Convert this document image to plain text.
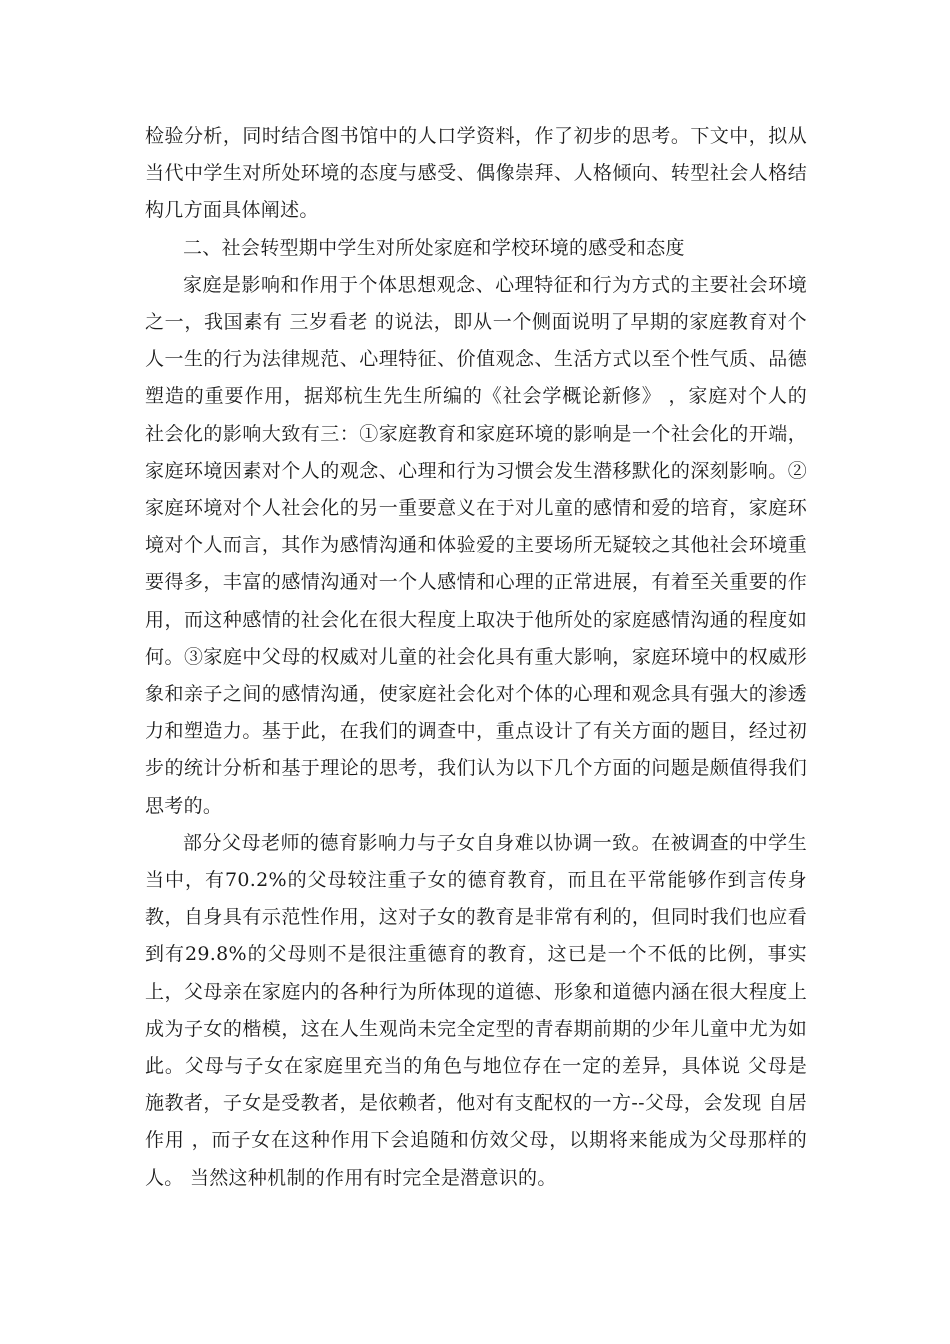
检验分析，同时结合图书馆中的人口学资料，作了初步的思考。下文中，拟从当代中学生对所处环境的态度与感受、偶像崇拜、人格倾向、转型社会人格结构几方面具体阐述。

二、社会转型期中学生对所处家庭和学校环境的感受和态度

家庭是影响和作用于个体思想观念、心理特征和行为方式的主要社会环境之一，我国素有 三岁看老 的说法，即从一个侧面说明了早期的家庭教育对个人一生的行为法律规范、心理特征、价值观念、生活方式以至个性气质、品德塑造的重要作用，据郑杭生先生所编的《社会学概论新修》 ，家庭对个人的社会化的影响大致有三：①家庭教育和家庭环境的影响是一个社会化的开端，家庭环境因素对个人的观念、心理和行为习惯会发生潜移默化的深刻影响。②家庭环境对个人社会化的另一重要意义在于对儿童的感情和爱的培育，家庭环境对个人而言，其作为感情沟通和体验爱的主要场所无疑较之其他社会环境重要得多，丰富的感情沟通对一个人感情和心理的正常进展，有着至关重要的作用，而这种感情的社会化在很大程度上取决于他所处的家庭感情沟通的程度如何。③家庭中父母的权威对儿童的社会化具有重大影响，家庭环境中的权威形象和亲子之间的感情沟通，使家庭社会化对个体的心理和观念具有强大的渗透力和塑造力。基于此，在我们的调查中，重点设计了有关方面的题目，经过初步的统计分析和基于理论的思考，我们认为以下几个方面的问题是颇值得我们思考的。

部分父母老师的德育影响力与子女自身难以协调一致。在被调查的中学生当中，有70.2%的父母较注重子女的德育教育，而且在平常能够作到言传身教，自身具有示范性作用，这对子女的教育是非常有利的，但同时我们也应看到有29.8%的父母则不是很注重德育的教育，这已是一个不低的比例，事实上，父母亲在家庭内的各种行为所体现的道德、形象和道德内涵在很大程度上成为子女的楷模，这在人生观尚未完全定型的青春期前期的少年儿童中尤为如此。父母与子女在家庭里充当的角色与地位存在一定的差异，具体说 父母是施教者，子女是受教者，是依赖者，他对有支配权的一方--父母，会发现 自居作用 ，而子女在这种作用下会追随和仿效父母，以期将来能成为父母那样的人。 当然这种机制的作用有时完全是潜意识的。
